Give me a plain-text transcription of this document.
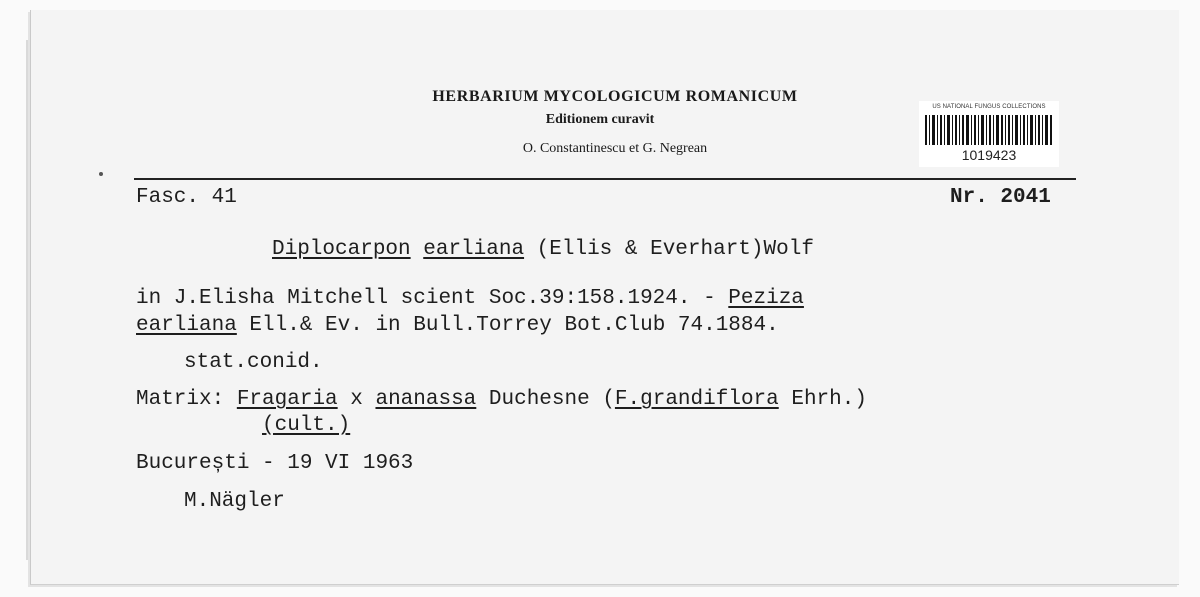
HERBARIUM MYCOLOGICUM ROMANICUM
Editionem curavit
O. Constantinescu et G. Negrean
US NATIONAL FUNGUS COLLECTIONS
1019423
Fasc. 41	Nr. 2041
Diplocarpon earliana (Ellis & Everhart)Wolf
in J.Elisha Mitchell scient Soc.39:158.1924. - Peziza
earliana Ell.& Ev. in Bull.Torrey Bot.Club 74.1884.
stat.conid.
Matrix: Fragaria x ananassa Duchesne (F.grandiflora Ehrh.)
(cult.)
București - 19 VI 1963
M.Nägler
